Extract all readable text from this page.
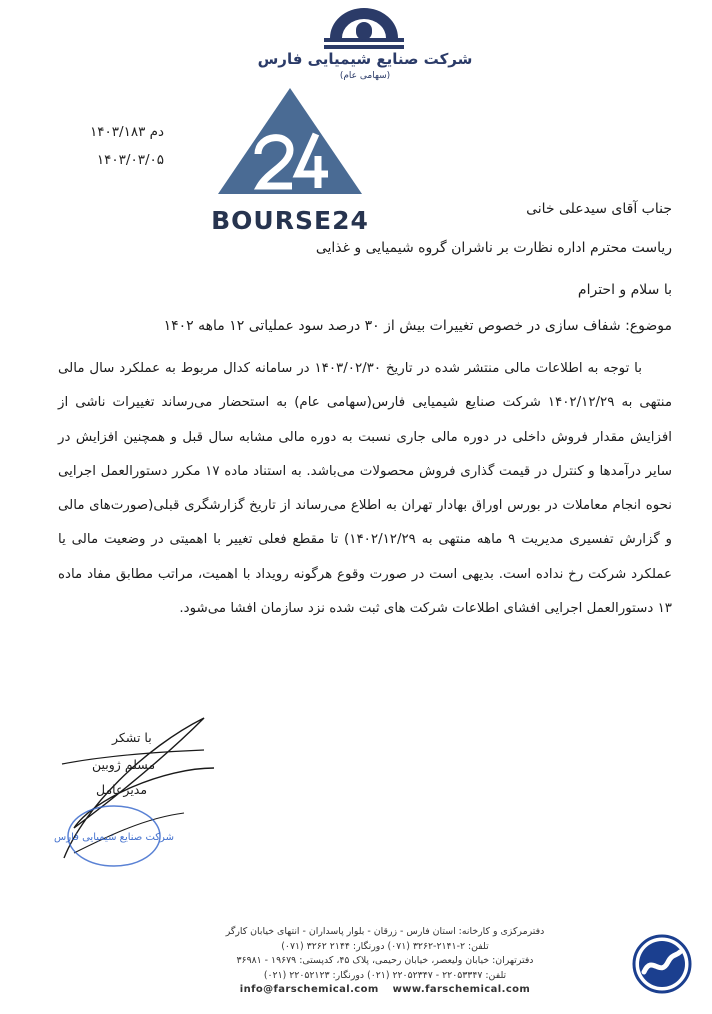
شرکت صنایع شیمیایی فارس
(سهامی عام)
BOURSE24
دم ۱۴۰۳/۱۸۳
۱۴۰۳/۰۳/۰۵
جناب آقای سیدعلی خانی
ریاست محترم اداره نظارت بر ناشران گروه شیمیایی و غذایی
با سلام و احترام
موضوع: شفاف سازی در خصوص تغییرات بیش از ۳۰ درصد سود عملیاتی ۱۲ ماهه ۱۴۰۲

با توجه به اطلاعات مالی منتشر شده در تاریخ ۱۴۰۳/۰۲/۳۰ در سامانه کدال مربوط به عملکرد سال مالی منتهی به ۱۴۰۲/۱۲/۲۹ شرکت صنایع شیمیایی فارس(سهامی عام) به استحضار می‌رساند تغییرات ناشی از افزایش مقدار فروش داخلی در دوره مالی جاری نسبت به دوره مالی مشابه سال قبل و همچنین افزایش در سایر درآمدها و کنترل در قیمت گذاری فروش محصولات می‌باشد. به استناد ماده ۱۷ مکرر دستورالعمل اجرایی نحوه انجام معاملات در بورس اوراق بهادار تهران به اطلاع می‌رساند از تاریخ گزارشگری قبلی(صورت‌های مالی و گزارش تفسیری مدیریت ۹ ماهه منتهی به ۱۴۰۲/۱۲/۲۹) تا مقطع فعلی تغییر با اهمیتی در وضعیت مالی یا عملکرد شرکت رخ نداده است. بدیهی است در صورت وقوع هرگونه رویداد با اهمیت، مراتب مطابق مفاد ماده ۱۳ دستورالعمل اجرایی افشای اطلاعات شرکت های ثبت شده نزد سازمان افشا می‌شود.

شرکت صنایع شیمیایی فارس
با تشکر
مسلم ژوبین
مدیرعامل
دفترمرکزی و کارخانه: استان فارس - زرقان - بلوار پاسداران - انتهای خیابان کارگر
تلفن: ۲-۲۱۴۱-۳۲۶۲ (۰۷۱) دورنگار: ۲۱۴۴ ۳۲۶۲ (۰۷۱)
دفترتهران: خیابان ولیعصر، خیابان رحیمی، پلاک ۴۵، کدپستی: ۱۹۶۷۹ - ۳۶۹۸۱
تلفن: ۲۲۰۵۳۳۴۷ - ۲۲۰۵۲۳۴۷ (۰۲۱) دورنگار: ۲۲۰۵۲۱۲۳ (۰۲۱)
info@farschemical.com www.farschemical.com
